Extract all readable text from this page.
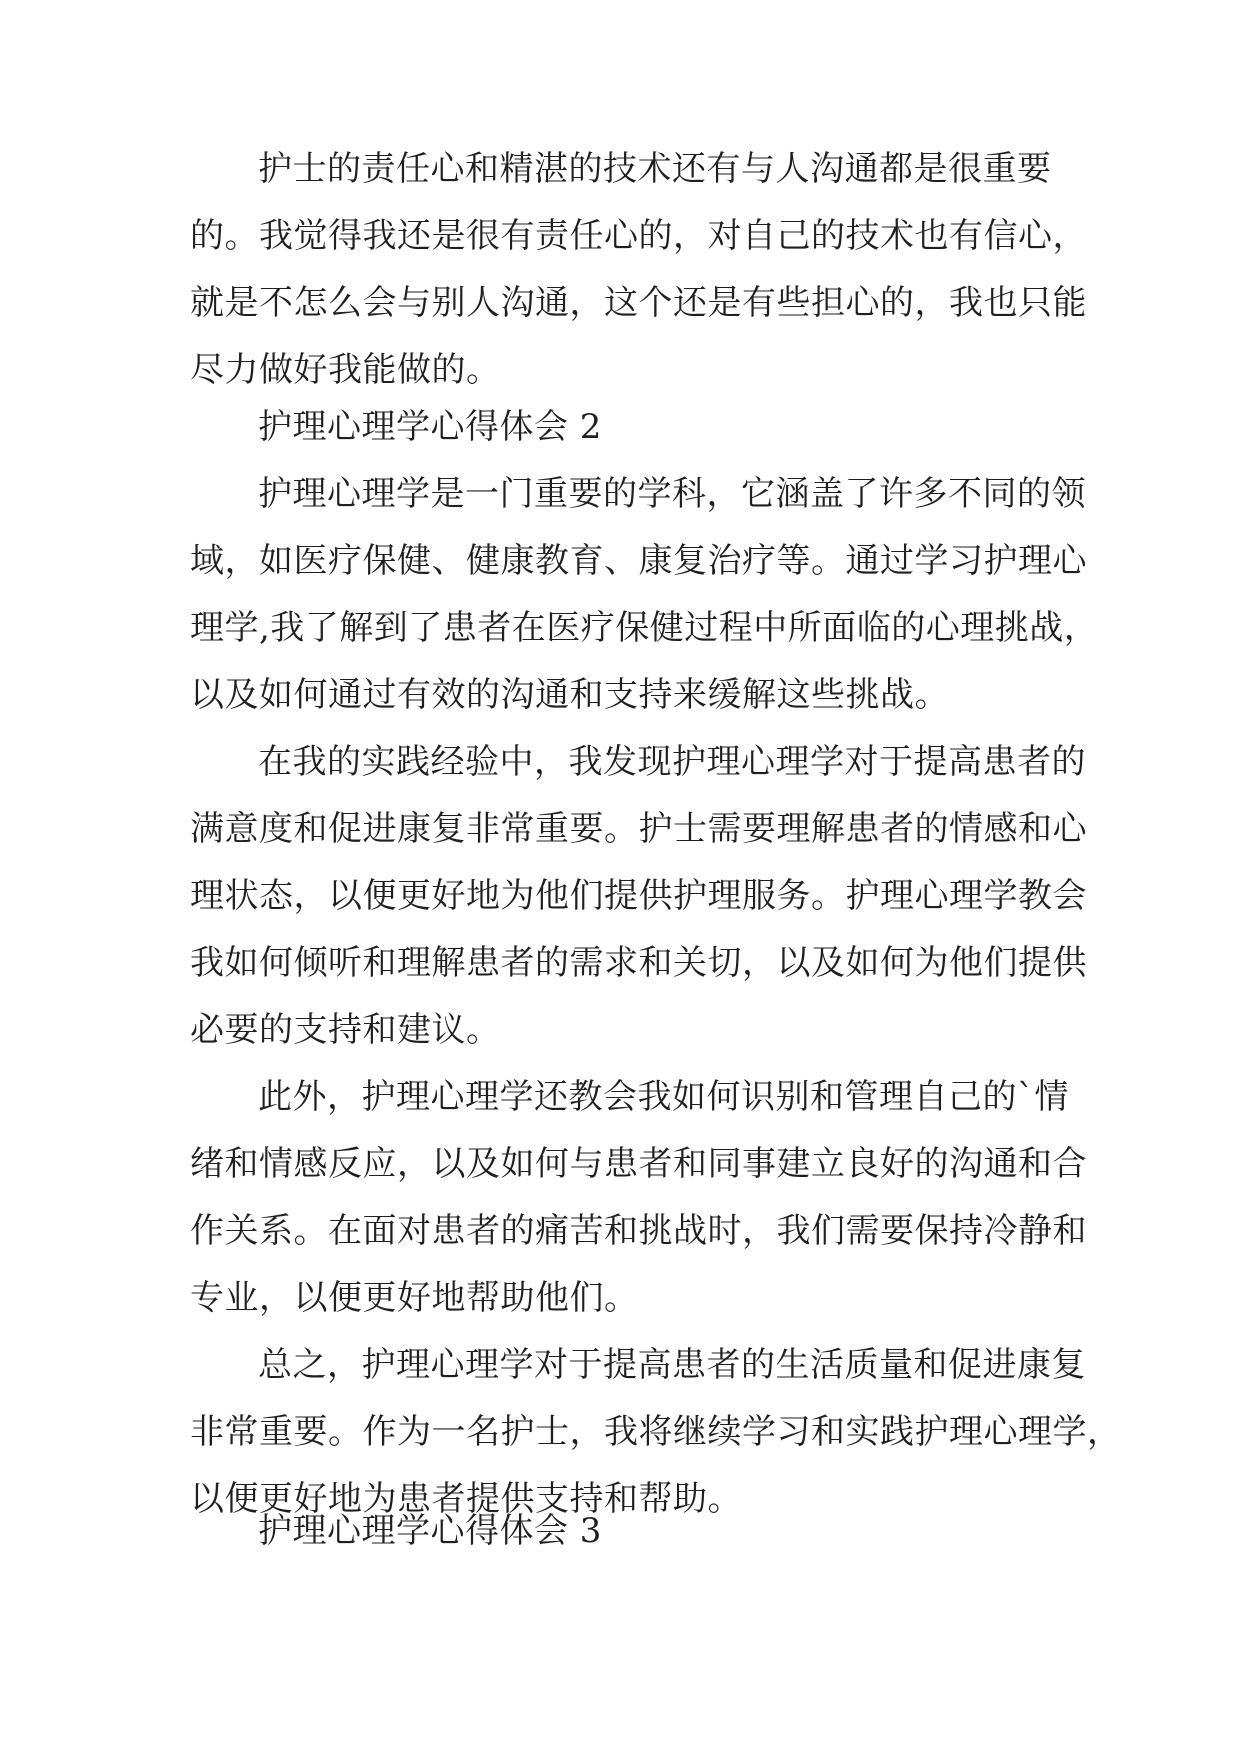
护士的责任心和精湛的技术还有与人沟通都是很重要
的。我觉得我还是很有责任心的，对自己的技术也有信心，
就是不怎么会与别人沟通，这个还是有些担心的，我也只能
尽力做好我能做的。
护理心理学心得体会 2
护理心理学是一门重要的学科，它涵盖了许多不同的领
域，如医疗保健、健康教育、康复治疗等。通过学习护理心
理学,我了解到了患者在医疗保健过程中所面临的心理挑战，
以及如何通过有效的沟通和支持来缓解这些挑战。
在我的实践经验中，我发现护理心理学对于提高患者的
满意度和促进康复非常重要。护士需要理解患者的情感和心
理状态，以便更好地为他们提供护理服务。护理心理学教会
我如何倾听和理解患者的需求和关切，以及如何为他们提供
必要的支持和建议。
此外，护理心理学还教会我如何识别和管理自己的`情
绪和情感反应，以及如何与患者和同事建立良好的沟通和合
作关系。在面对患者的痛苦和挑战时，我们需要保持冷静和
专业，以便更好地帮助他们。
总之，护理心理学对于提高患者的生活质量和促进康复
非常重要。作为一名护士，我将继续学习和实践护理心理学，
以便更好地为患者提供支持和帮助。
护理心理学心得体会 3
